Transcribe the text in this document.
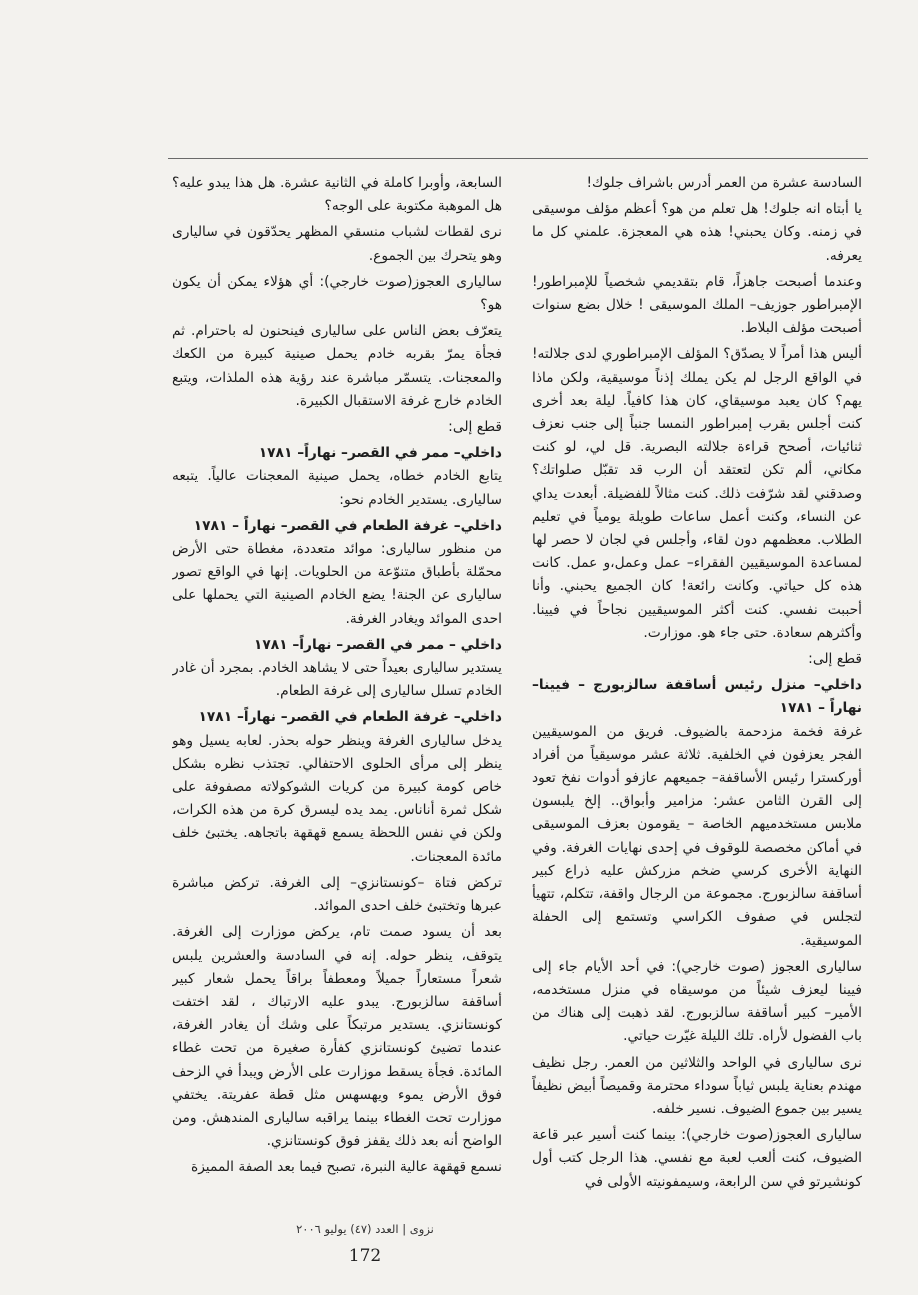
السادسة عشرة من العمر أدرس باشراف جلوك!

يا أبتاه انه جلوك! هل تعلم من هو؟ أعظم مؤلف موسيقى في زمنه. وكان يحبني! هذه هي المعجزة. علمني كل ما يعرفه.

وعندما أصبحت جاهزاً، قام بتقديمي شخصياً للإمبراطور! الإمبراطور جوزيف– الملك الموسيقى ! خلال بضع سنوات أصبحت مؤلف البلاط.

أليس هذا أمراً لا يصدّق؟ المؤلف الإمبراطوري لدى جلالته! في الواقع الرجل لم يكن يملك إذناً موسيقية، ولكن ماذا يهم؟ كان يعبد موسيقاي، كان هذا كافياً. ليلة بعد أخرى كنت أجلس بقرب إمبراطور النمسا جنباً إلى جنب نعزف ثنائيات، أصحح قراءة جلالته البصرية. قل لي، لو كنت مكاني، ألم تكن لتعتقد أن الرب قد تقبّل صلواتك؟ وصدقني لقد شرّفت ذلك. كنت مثالاً للفضيلة. أبعدت يداي عن النساء، وكنت أعمل ساعات طويلة يومياً في تعليم الطلاب. معظمهم دون لقاء، وأجلس في لجان لا حصر لها لمساعدة الموسيقيين الفقراء– عمل وعمل،و عمل. كانت هذه كل حياتي. وكانت رائعة! كان الجميع يحبني. وأنا أحببت نفسي. كنت أكثر الموسيقيين نجاحاً في فيينا. وأكثرهم سعادة. حتى جاء هو. موزارت.

قطع إلى:

داخلي– منزل رئيس أساقفة سالزبورج – فيينا– نهاراً – ١٧٨١

غرفة فخمة مزدحمة بالضيوف. فريق من الموسيقيين الفجر يعزفون في الخلفية. ثلاثة عشر موسيقياً من أفراد أوركسترا رئيس الأساقفة– جميعهم عازفو أدوات نفخ تعود إلى القرن الثامن عشر: مزامير وأبواق.. إلخ يلبسون ملابس مستخدميهم الخاصة – يقومون بعزف الموسيقى في أماكن مخصصة للوقوف في إحدى نهايات الغرفة. وفي النهاية الأخرى كرسي ضخم مزركش عليه ذراع كبير أساقفة سالزبورج. مجموعة من الرجال واقفة، تتكلم، تتهيأ لتجلس في صفوف الكراسي وتستمع إلى الحفلة الموسيقية.

ساليارى العجوز (صوت خارجي): في أحد الأيام جاء إلى فيينا ليعزف شيئاً من موسيقاه في منزل مستخدمه، الأمير– كبير أساقفة سالزبورج. لقد ذهبت إلى هناك من باب الفضول لأراه. تلك الليلة غيّرت حياتي.

نرى ساليارى في الواحد والثلاثين من العمر. رجل نظيف مهندم بعناية يلبس ثياباً سوداء محترمة وقميصاً أبيض نظيفاً يسير بين جموع الضيوف. نسير خلفه.

ساليارى العجوز(صوت خارجي): بينما كنت أسير عبر قاعة الضيوف، كنت ألعب لعبة مع نفسي. هذا الرجل كتب أول كونشيرتو في سن الرابعة، وسيمفونيته الأولى في

السابعة، وأوبرا كاملة في الثانية عشرة. هل هذا يبدو عليه؟ هل الموهبة مكتوبة على الوجه؟

نرى لقطات لشباب منسقي المظهر يحدّقون في ساليارى وهو يتحرك بين الجموع.

ساليارى العجوز(صوت خارجي): أي هؤلاء يمكن أن يكون هو؟

يتعرّف بعض الناس على ساليارى فينحنون له باحترام. ثم فجأة يمرّ بقربه خادم يحمل صينية كبيرة من الكعك والمعجنات. يتسمّر مباشرة عند رؤية هذه الملذات، ويتبع الخادم خارج غرفة الاستقبال الكبيرة.

قطع إلى:

داخلي– ممر في القصر– نهاراً– ١٧٨١

يتابع الخادم خطاه، يحمل صينية المعجنات عالياً. يتبعه ساليارى. يستدير الخادم نحو:

داخلي– غرفة الطعام في القصر– نهاراً – ١٧٨١

من منظور ساليارى: موائد متعددة، مغطاة حتى الأرض محمّلة بأطباق متنوّعة من الحلويات. إنها في الواقع تصور ساليارى عن الجنة! يضع الخادم الصينية التي يحملها على احدى الموائد ويغادر الغرفة.

داخلي – ممر في القصر– نهاراً– ١٧٨١

يستدير ساليارى بعيداً حتى لا يشاهد الخادم. بمجرد أن غادر الخادم تسلل ساليارى إلى غرفة الطعام.

داخلي– غرفة الطعام في القصر– نهاراً– ١٧٨١

يدخل ساليارى الغرفة وينظر حوله بحذر. لعابه يسيل وهو ينظر إلى مرأى الحلوى الاحتفالي. تجتذب نظره بشكل خاص كومة كبيرة من كريات الشوكولاته مصفوفة على شكل ثمرة أناناس. يمد يده ليسرق كرة من هذه الكرات، ولكن في نفس اللحظة يسمع قهقهة باتجاهه. يختبئ خلف مائدة المعجنات.

تركض فتاة –كونستانزي– إلى الغرفة. تركض مباشرة عبرها وتختبئ خلف احدى الموائد.

بعد أن يسود صمت تام، يركض موزارت إلى الغرفة. يتوقف، ينظر حوله. إنه في السادسة والعشرين يلبس شعراً مستعاراً جميلاً ومعطفاً براقاً يحمل شعار كبير أساقفة سالزبورج. يبدو عليه الارتباك ، لقد اختفت كونستانزي. يستدير مرتبكاً على وشك أن يغادر الغرفة، عندما تضيئ كونستانزي كفأرة صغيرة من تحت غطاء المائدة. فجأة يسقط موزارت على الأرض ويبدأ في الزحف فوق الأرض يموء ويهسهس مثل قطة عفريتة. يختفي موزارت تحت الغطاء بينما يراقبه ساليارى المندهش. ومن الواضح أنه بعد ذلك يقفز فوق كونستانزي.

نسمع قهقهة عالية النبرة، تصبح فيما بعد الصفة المميزة

نزوى | العدد (٤٧) يوليو ٢٠٠٦
172
